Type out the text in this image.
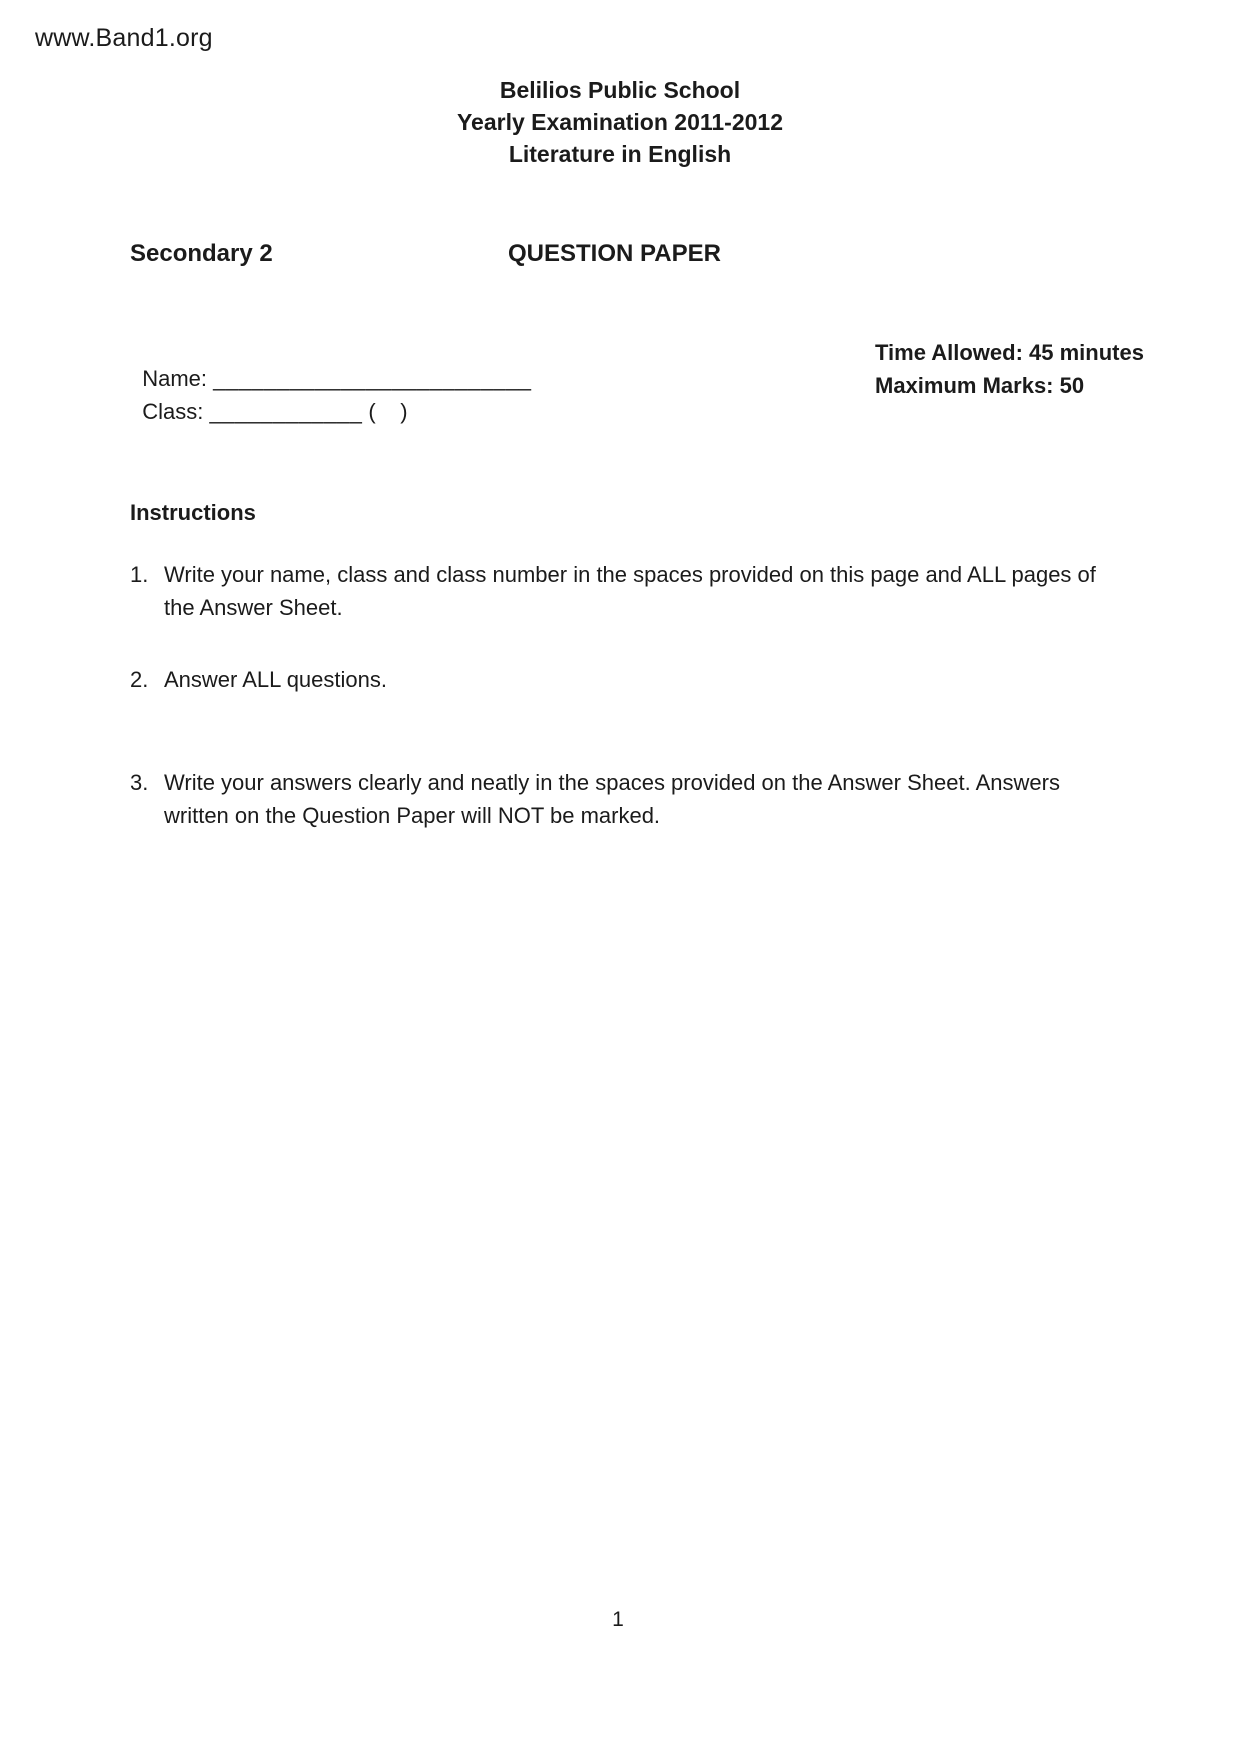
www.Band1.org
Belilios Public School
Yearly Examination 2011-2012
Literature in English
Secondary 2	QUESTION PAPER

Name: _________________________

Class: ____________ (    )

Time Allowed: 45 minutes
Maximum Marks: 50
Instructions
1. Write your name, class and class number in the spaces provided on this page and ALL pages of the Answer Sheet.
2. Answer ALL questions.
3. Write your answers clearly and neatly in the spaces provided on the Answer Sheet. Answers written on the Question Paper will NOT be marked.
1
